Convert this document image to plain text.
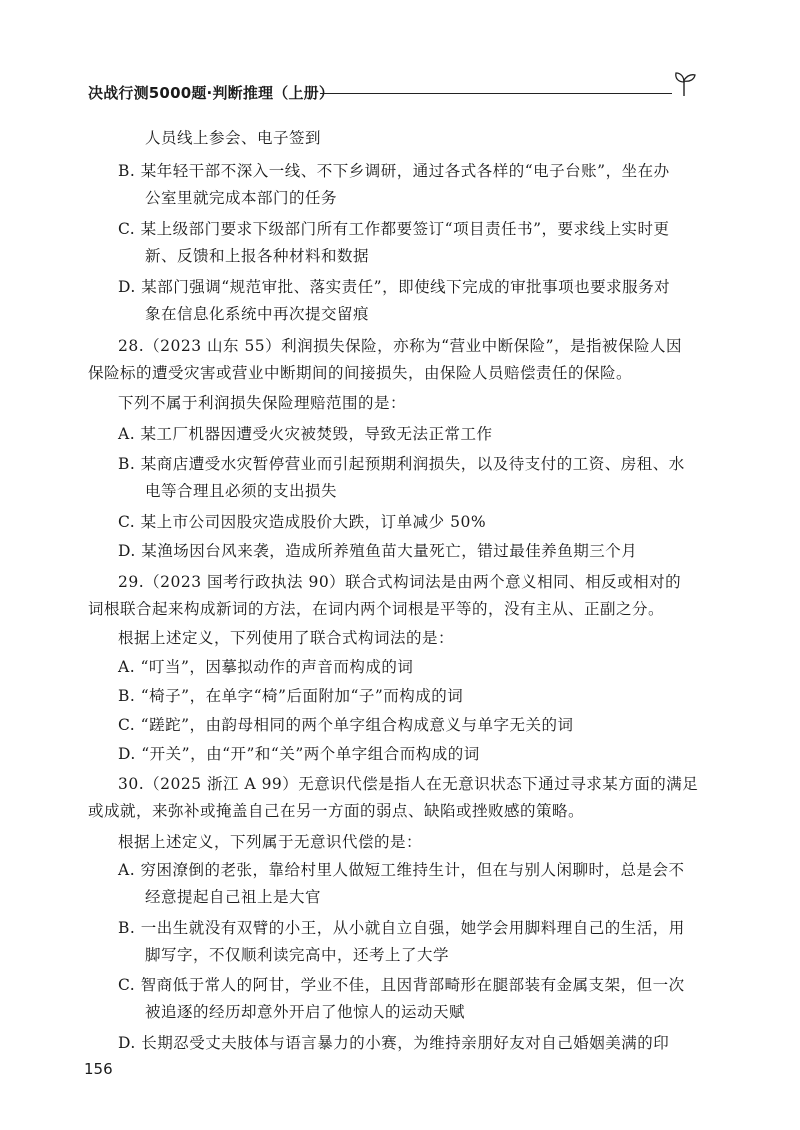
决战行测5000题·判断推理（上册）
人员线上参会、电子签到
B. 某年轻干部不深入一线、不下乡调研，通过各式各样的“电子台账”，坐在办
公室里就完成本部门的任务
C. 某上级部门要求下级部门所有工作都要签订“项目责任书”，要求线上实时更
新、反馈和上报各种材料和数据
D. 某部门强调“规范审批、落实责任”，即使线下完成的审批事项也要求服务对
象在信息化系统中再次提交留痕
28.（2023 山东 55）利润损失保险，亦称为“营业中断保险”，是指被保险人因
保险标的遭受灾害或营业中断期间的间接损失，由保险人员赔偿责任的保险。
下列不属于利润损失保险理赔范围的是：
A. 某工厂机器因遭受火灾被焚毁，导致无法正常工作
B. 某商店遭受水灾暂停营业而引起预期利润损失，以及待支付的工资、房租、水
电等合理且必须的支出损失
C. 某上市公司因股灾造成股价大跌，订单减少 50%
D. 某渔场因台风来袭，造成所养殖鱼苗大量死亡，错过最佳养鱼期三个月
29.（2023 国考行政执法 90）联合式构词法是由两个意义相同、相反或相对的
词根联合起来构成新词的方法，在词内两个词根是平等的，没有主从、正副之分。
根据上述定义，下列使用了联合式构词法的是：
A. “叮当”，因摹拟动作的声音而构成的词
B. “椅子”，在单字“椅”后面附加“子”而构成的词
C. “蹉跎”，由韵母相同的两个单字组合构成意义与单字无关的词
D. “开关”，由“开”和“关”两个单字组合而构成的词
30.（2025 浙江 A 99）无意识代偿是指人在无意识状态下通过寻求某方面的满足
或成就，来弥补或掩盖自己在另一方面的弱点、缺陷或挫败感的策略。
根据上述定义，下列属于无意识代偿的是：
A. 穷困潦倒的老张，靠给村里人做短工维持生计，但在与别人闲聊时，总是会不
经意提起自己祖上是大官
B. 一出生就没有双臂的小王，从小就自立自强，她学会用脚料理自己的生活，用
脚写字，不仅顺利读完高中，还考上了大学
C. 智商低于常人的阿甘，学业不佳，且因背部畸形在腿部装有金属支架，但一次
被追逐的经历却意外开启了他惊人的运动天赋
D. 长期忍受丈夫肢体与语言暴力的小赛，为维持亲朋好友对自己婚姻美满的印
156
